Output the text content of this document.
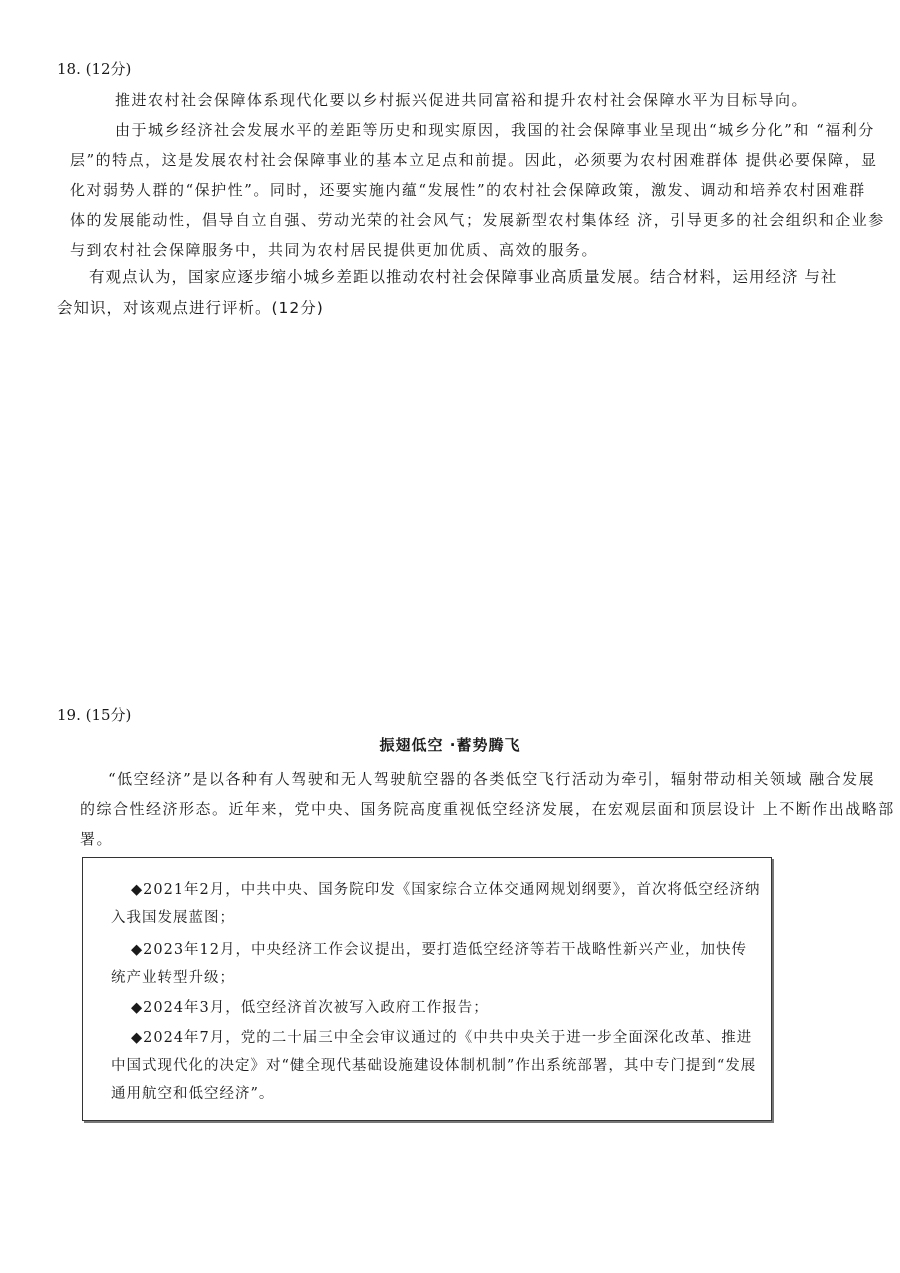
18. (12分)
推进农村社会保障体系现代化要以乡村振兴促进共同富裕和提升农村社会保障水平为目标导向。
由于城乡经济社会发展水平的差距等历史和现实原因，我国的社会保障事业呈现出“城乡分化”和 “福利分
层”的特点，这是发展农村社会保障事业的基本立足点和前提。因此，必须要为农村困难群体 提供必要保障，显
化对弱势人群的“保护性”。同时，还要实施内蕴“发展性”的农村社会保障政策，激发、调动和培养农村困难群
体的发展能动性，倡导自立自强、劳动光荣的社会风气；发展新型农村集体经 济，引导更多的社会组织和企业参
与到农村社会保障服务中，共同为农村居民提供更加优质、高效的服务。
有观点认为，国家应逐步缩小城乡差距以推动农村社会保障事业高质量发展。结合材料，运用经济 与社
会知识，对该观点进行评析。(12分)
19. (15分)
振翅低空 ·蓄势腾飞
“低空经济”是以各种有人驾驶和无人驾驶航空器的各类低空飞行活动为牵引，辐射带动相关领域 融合发展
的综合性经济形态。近年来，党中央、国务院高度重视低空经济发展，在宏观层面和顶层设计 上不断作出战略部
署。
◆2021年2月，中共中央、国务院印发《国家综合立体交通网规划纲要》，首次将低空经济纳
入我国发展蓝图；
◆2023年12月，中央经济工作会议提出，要打造低空经济等若干战略性新兴产业，加快传
统产业转型升级；
◆2024年3月，低空经济首次被写入政府工作报告；
◆2024年7月，党的二十届三中全会审议通过的《中共中央关于进一步全面深化改革、推进
中国式现代化的决定》对“健全现代基础设施建设体制机制”作出系统部署，其中专门提到“发展
通用航空和低空经济”。
